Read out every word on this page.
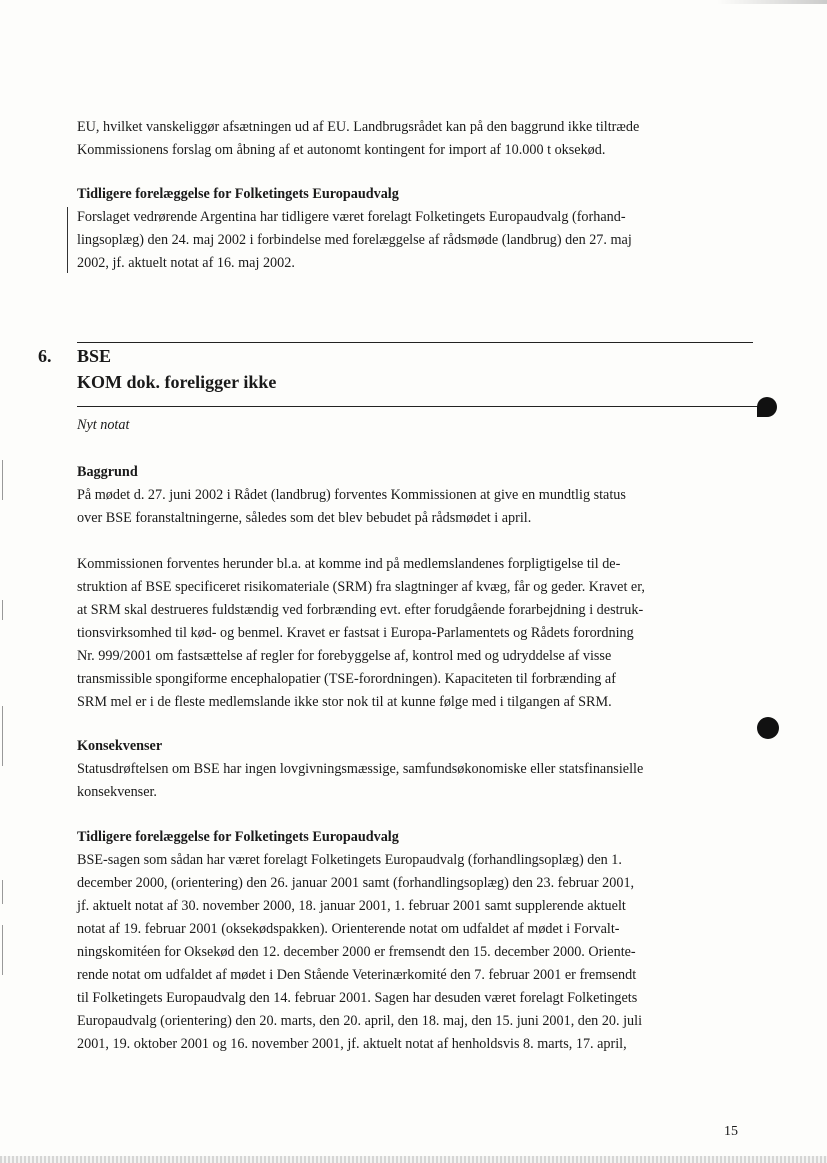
EU, hvilket vanskeliggør afsætningen ud af EU. Landbrugsrådet kan på den baggrund ikke tiltræde
Kommissionens forslag om åbning af et autonomt kontingent for import af 10.000 t oksekød.
Tidligere forelæggelse for Folketingets Europaudvalg
Forslaget vedrørende Argentina har tidligere været forelagt Folketingets Europaudvalg (forhand-
lingsoplæg) den 24. maj 2002 i forbindelse med forelæggelse af rådsmøde (landbrug) den 27. maj
2002, jf. aktuelt notat af 16. maj 2002.
6. BSE
KOM dok. foreligger ikke
Nyt notat
Baggrund
På mødet d. 27. juni 2002 i Rådet (landbrug) forventes Kommissionen at give en mundtlig status
over BSE foranstaltningerne, således som det blev bebudet på rådsmødet i april.
Kommissionen forventes herunder bl.a. at komme ind på medlemslandenes forpligtigelse til de-
struktion af BSE specificeret risikomateriale (SRM) fra slagtninger af kvæg, får og geder. Kravet er,
at SRM skal destrueres fuldstændig ved forbrænding evt. efter forudgående forarbejdning i destruk-
tionsvirksomhed til kød- og benmel. Kravet er fastsat i Europa-Parlamentets og Rådets forordning
Nr. 999/2001 om fastsættelse af regler for forebyggelse af, kontrol med og udryddelse af visse
transmissible spongiforme encephalopatier (TSE-forordningen). Kapaciteten til forbrænding af
SRM mel er i de fleste medlemslande ikke stor nok til at kunne følge med i tilgangen af SRM.
Konsekvenser
Statusdrøftelsen om BSE har ingen lovgivningsmæssige, samfundsøkonomiske eller statsfinansielle
konsekvenser.
Tidligere forelæggelse for Folketingets Europaudvalg
BSE-sagen som sådan har været forelagt Folketingets Europaudvalg (forhandlingsoplæg) den 1.
december 2000, (orientering) den 26. januar 2001 samt (forhandlingsoplæg) den 23. februar 2001,
jf. aktuelt notat af 30. november 2000, 18. januar 2001, 1. februar 2001 samt supplerende aktuelt
notat af 19. februar 2001 (oksekødspakken). Orienterende notat om udfaldet af mødet i Forvalt-
ningskomitéen for Oksekød den 12. december 2000 er fremsendt den 15. december 2000. Oriente-
rende notat om udfaldet af mødet i Den Stående Veterinærkomité den 7. februar 2001 er fremsendt
til Folketingets Europaudvalg den 14. februar 2001. Sagen har desuden været forelagt Folketingets
Europaudvalg (orientering) den 20. marts, den 20. april, den 18. maj, den 15. juni 2001, den 20. juli
2001, 19. oktober 2001 og 16. november 2001, jf. aktuelt notat af henholdsvis 8. marts, 17. april,
15
